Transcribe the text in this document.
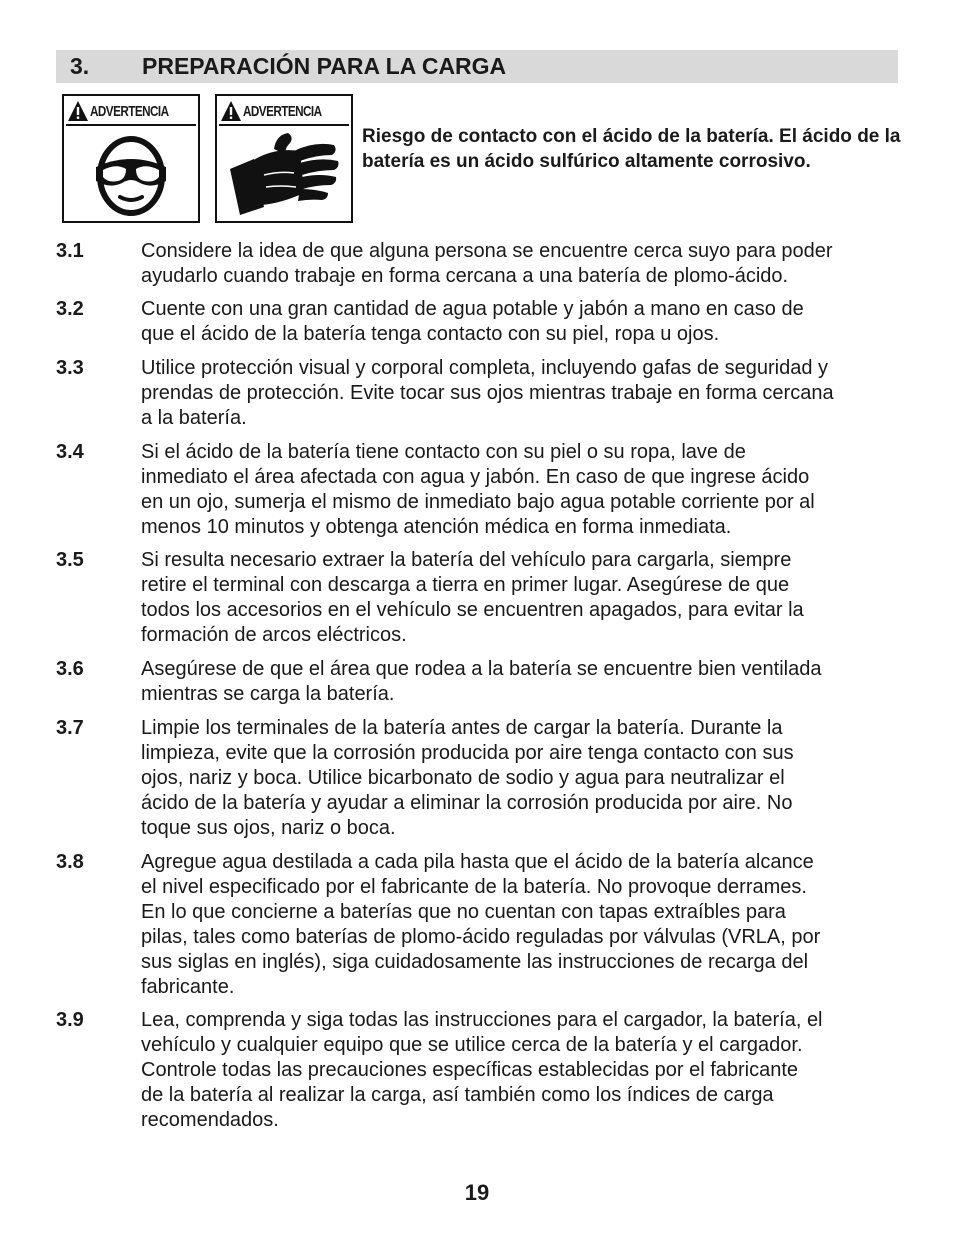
3. PREPARACIÓN PARA LA CARGA
ADVERTENCIA	ADVERTENCIA
Riesgo de contacto con el ácido de la batería. El ácido de la batería es un ácido sulfúrico altamente corrosivo.
3.1	Considere la idea de que alguna persona se encuentre cerca suyo para poder
ayudarlo cuando trabaje en forma cercana a una batería de plomo-ácido.
3.2	Cuente con una gran cantidad de agua potable y jabón a mano en caso de
que el ácido de la batería tenga contacto con su piel, ropa u ojos.
3.3	Utilice protección visual y corporal completa, incluyendo gafas de seguridad y
prendas de protección. Evite tocar sus ojos mientras trabaje en forma cercana
a la batería.
3.4	Si el ácido de la batería tiene contacto con su piel o su ropa, lave de
inmediato el área afectada con agua y jabón. En caso de que ingrese ácido
en un ojo, sumerja el mismo de inmediato bajo agua potable corriente por al
menos 10 minutos y obtenga atención médica en forma inmediata.
3.5	Si resulta necesario extraer la batería del vehículo para cargarla, siempre
retire el terminal con descarga a tierra en primer lugar. Asegúrese de que
todos los accesorios en el vehículo se encuentren apagados, para evitar la
formación de arcos eléctricos.
3.6	Asegúrese de que el área que rodea a la batería se encuentre bien ventilada
mientras se carga la batería.
3.7	Limpie los terminales de la batería antes de cargar la batería. Durante la
limpieza, evite que la corrosión producida por aire tenga contacto con sus
ojos, nariz y boca. Utilice bicarbonato de sodio y agua para neutralizar el
ácido de la batería y ayudar a eliminar la corrosión producida por aire. No
toque sus ojos, nariz o boca.
3.8	Agregue agua destilada a cada pila hasta que el ácido de la batería alcance
el nivel especificado por el fabricante de la batería. No provoque derrames.
En lo que concierne a baterías que no cuentan con tapas extraíbles para
pilas, tales como baterías de plomo-ácido reguladas por válvulas (VRLA, por
sus siglas en inglés), siga cuidadosamente las instrucciones de recarga del
fabricante.
3.9	Lea, comprenda y siga todas las instrucciones para el cargador, la batería, el
vehículo y cualquier equipo que se utilice cerca de la batería y el cargador.
Controle todas las precauciones específicas establecidas por el fabricante
de la batería al realizar la carga, así también como los índices de carga
recomendados.
19
